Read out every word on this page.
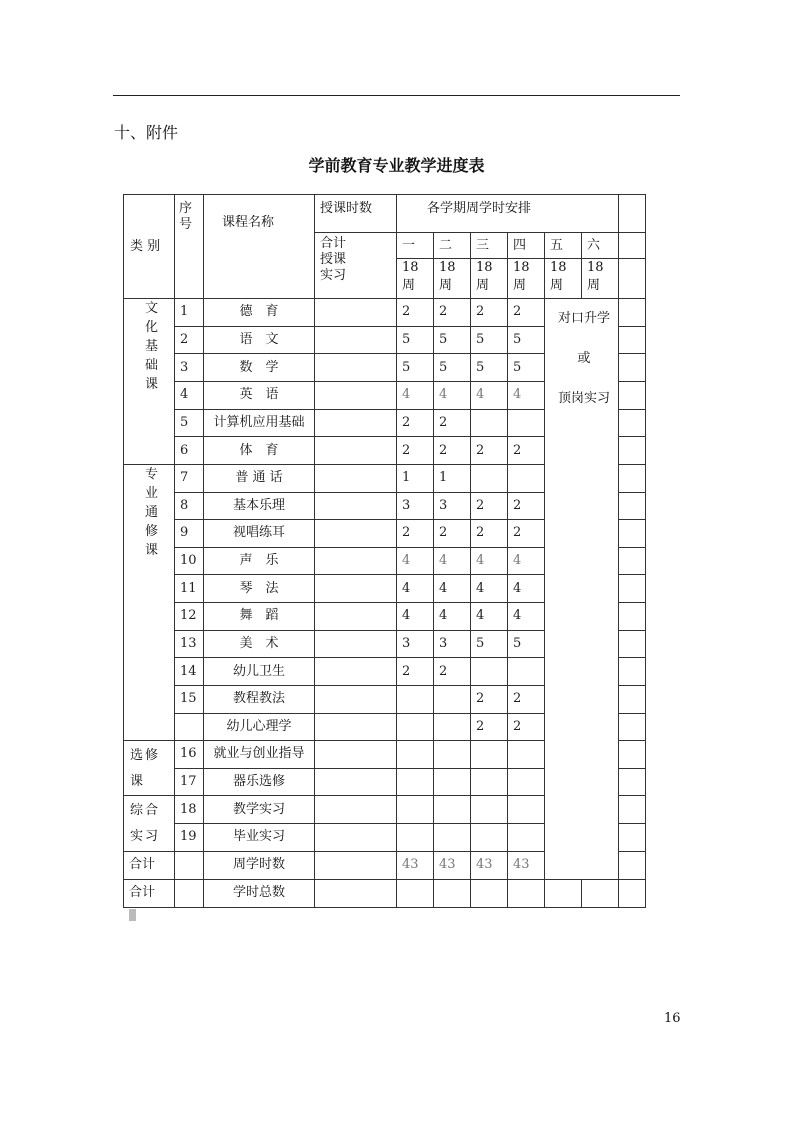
十、附件
学前教育专业教学进度表
类 别	序号	课程名称	授课时数	各学期周学时安排						

			合计
授课
实习	一	二	三	四	五	六	

				18
周	18
周	18
周	18
周	18
周	18
周	

文化基础课	1	德　育		2	2	2	2	对口升学
或
顶岗实习		

	2	语　文		5	5	5	5			
	3	数　学		5	5	5	5			
	4	英　语		4	4	4	4			
	5	计算机应用基础		2	2					
	6	体　育		2	2	2	2			

专业通修课	7	普 通 话		1	1					
	8	基本乐理		3	3	2	2			
	9	视唱练耳		2	2	2	2			
	10	声　乐		4	4	4	4			
	11	琴　法		4	4	4	4			
	12	舞　蹈		4	4	4	4			
	13	美　术		3	3	5	5			
	14	幼儿卫生		2	2					
	15	教程教法				2	2			
		幼儿心理学				2	2			
选修课	16	就业与创业指导								
	17	器乐选修								
综合实习	18	教学实习								
	19	毕业实习								
合计		周学时数		43	43	43	43			
合计		学时总数								
16
